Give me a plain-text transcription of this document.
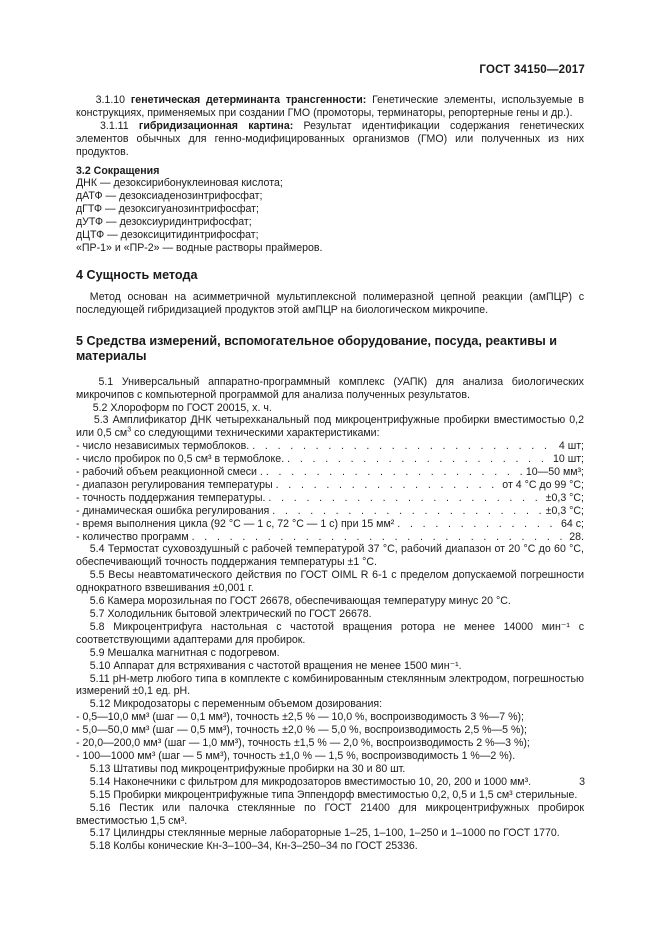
ГОСТ 34150—2017

3.1.10 генетическая детерминанта трансгенности: Генетические элементы, используемые в конструкциях, применяемых при создании ГМО (промоторы, терминаторы, репортерные гены и др.).

3.1.11 гибридизационная картина: Результат идентификации содержания генетических элементов обычных для генно-модифицированных организмов (ГМО) или полученных из них продуктов.

3.2 Сокращения

ДНК — дезоксирибонуклеиновая кислота;

дАТФ — дезоксиаденозинтрифосфат;

дГТФ — дезоксигуанозинтрифосфат;

дУТФ — дезоксиуридинтрифосфат;

дЦТФ — дезоксицитидинтрифосфат;

«ПР-1» и «ПР-2» — водные растворы праймеров.

4 Сущность метода

Метод основан на асимметричной мультиплексной полимеразной цепной реакции (амПЦР) с последующей гибридизацией продуктов этой амПЦР на биологическом микрочипе.

5 Средства измерений, вспомогательное оборудование, посуда, реактивы и материалы

5.1 Универсальный аппаратно-программный комплекс (УАПК) для анализа биологических микрочипов с компьютерной программой для анализа полученных результатов.

5.2 Хлороформ по ГОСТ 20015, х. ч.

5.3 Амплификатор ДНК четырехканальный под микроцентрифужные пробирки вместимостью 0,2 или 0,5 $см^3$ со следующими техническими характеристиками:

- число независимых термоблоков. . . .	4 шт;
- число пробирок по 0,5 см³ в термоблоке. . . .	10 шт;
- рабочий объем реакционной смеси . . . .	10—50 мм³;
- диапазон регулирования температуры . . .	от 4 °С до 99 °С;
- точность поддержания температуры. . . .	±0,3 °С;
- динамическая ошибка регулирования . . .	±0,3 °С;
- время выполнения цикла (92 °С — 1 с, 72 °С — 1 с) при 15 мм² . . .	64 с;
- количество программ . . .	28.

5.4 Термостат суховоздушный с рабочей температурой 37 °С, рабочий диапазон от 20 °С до 60 °С, обеспечивающий точность поддержания температуры ±1 °С.

5.5 Весы неавтоматического действия по ГОСТ OIML R 6-1 с пределом допускаемой погрешности однократного взвешивания ±0,001 г.

5.6 Камера морозильная по ГОСТ 26678, обеспечивающая температуру минус 20 °С.

5.7 Холодильник бытовой электрический по ГОСТ 26678.

5.8 Микроцентрифуга настольная с частотой вращения ротора не менее 14000 мин⁻¹ с соответствующими адаптерами для пробирок.

5.9 Мешалка магнитная с подогревом.

5.10 Аппарат для встряхивания с частотой вращения не менее 1500 мин⁻¹.

5.11 рН-метр любого типа в комплекте с комбинированным стеклянным электродом, погрешностью измерений ±0,1 ед. рН.

5.12 Микродозаторы с переменным объемом дозирования:

- 0,5—10,0 мм³ (шаг — 0,1 мм³), точность ±2,5 % — 10,0 %, воспроизводимость 3 %—7 %);

- 5,0—50,0 мм³ (шаг — 0,5 мм³), точность ±2,0 % — 5,0 %, воспроизводимость 2,5 %—5 %);

- 20,0—200,0 мм³ (шаг — 1,0 мм³), точность ±1,5 % — 2,0 %, воспроизводимость 2 %—3 %);

- 100—1000 мм³ (шаг — 5 мм³), точность ±1,0 % — 1,5 %, воспроизводимость 1 %—2 %).

5.13 Штативы под микроцентрифужные пробирки на 30 и 80 шт.

5.14 Наконечники с фильтром для микродозаторов вместимостью 10, 20, 200 и 1000 мм³.

5.15 Пробирки микроцентрифужные типа Эппендорф вместимостью 0,2, 0,5 и 1,5 см³ стерильные.

5.16 Пестик или палочка стеклянные по ГОСТ 21400 для микроцентрифужных пробирок вместимостью 1,5 см³.

5.17 Цилиндры стеклянные мерные лабораторные 1–25, 1–100, 1–250 и 1–1000 по ГОСТ 1770.

5.18 Колбы конические Кн-3–100–34, Кн-3–250–34 по ГОСТ 25336.

3
